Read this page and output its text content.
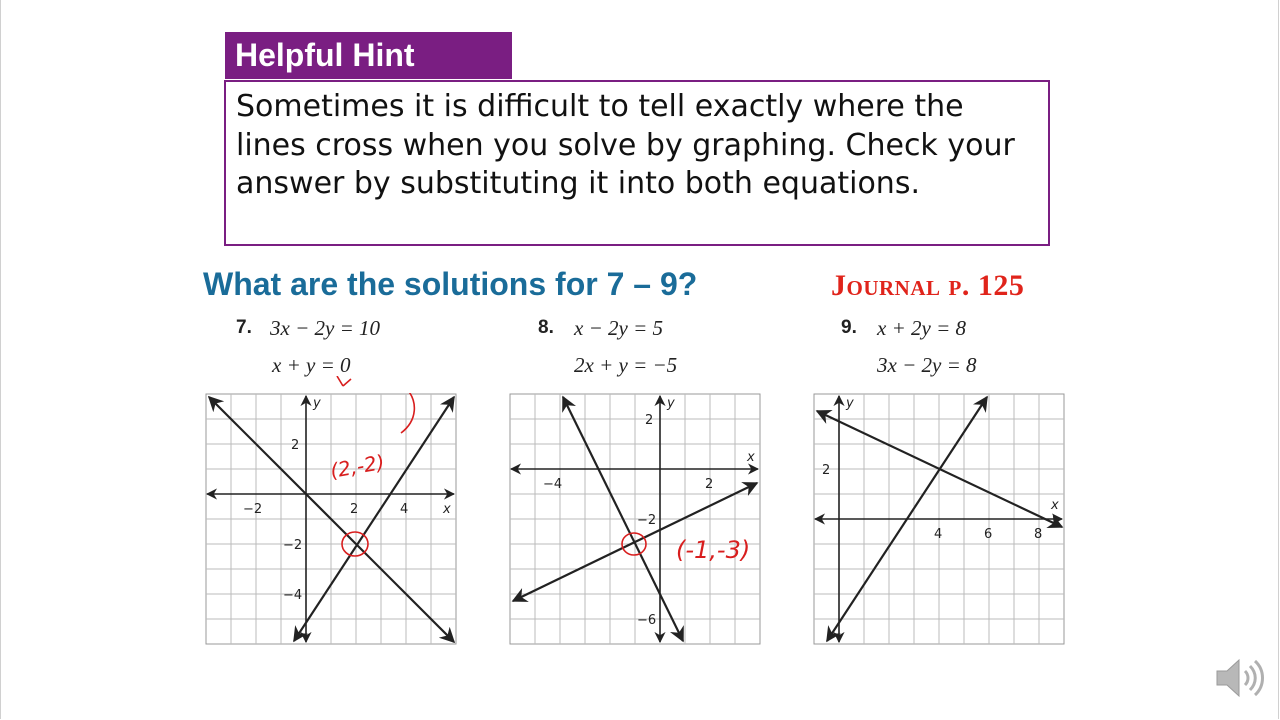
Helpful Hint
Sometimes it is difficult to tell exactly where the lines cross when you solve by graphing. Check your answer by substituting it into both equations.
What are the solutions for 7 – 9?	Journal p. 125
7. 3x − 2y = 10
x + y = 0
8. x − 2y = 5
2x + y = −5
9. x + 2y = 8
3x − 2y = 8
−2	2	4
2
−2
−4
x
y
(2,-2)
−4	2
2
−2
−6
x
y
(-1,-3)
4	6	8
2
x
y
